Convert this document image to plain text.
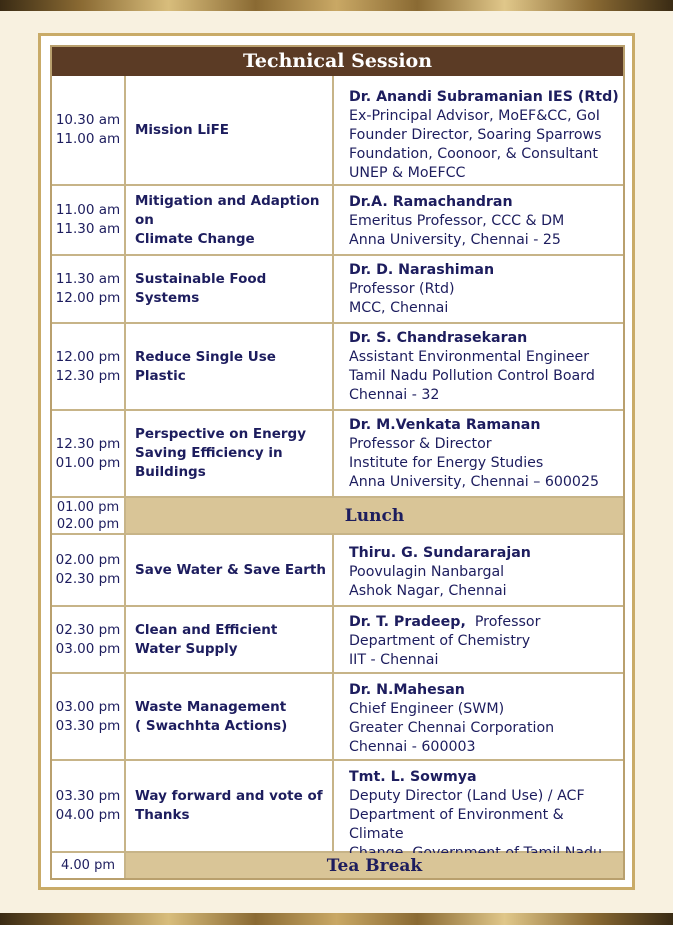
Technical Session
10.30 am
11.00 am
Mission LiFE
Dr. Anandi Subramanian IES (Rtd)
Ex-Principal Advisor, MoEF&CC, GoI
Founder Director, Soaring Sparrows
Foundation, Coonoor, & Consultant
UNEP & MoEFCC
11.00 am
11.30 am
Mitigation and Adaption on
Climate Change
Dr.A. Ramachandran
Emeritus Professor, CCC & DM
Anna University, Chennai - 25
11.30 am
12.00 pm
Sustainable Food Systems
Dr. D. Narashiman
Professor (Rtd)
MCC, Chennai
12.00 pm
12.30 pm
Reduce Single Use Plastic
Dr. S. Chandrasekaran
Assistant Environmental Engineer
Tamil Nadu Pollution Control Board
Chennai - 32
12.30 pm
01.00 pm
Perspective on Energy
Saving Efficiency in
Buildings
Dr. M.Venkata Ramanan
Professor & Director
Institute for Energy Studies
Anna University, Chennai – 600025
01.00 pm
02.00 pm	Lunch
02.00 pm
02.30 pm
Save Water & Save Earth
Thiru. G. Sundararajan
Poovulagin Nanbargal
Ashok Nagar, Chennai
02.30 pm
03.00 pm
Clean and Efficient
Water Supply
Dr. T. Pradeep, Professor
Department of Chemistry
IIT - Chennai
03.00 pm
03.30 pm
Waste Management
( Swachhta Actions)
Dr. N.Mahesan
Chief Engineer (SWM)
Greater Chennai Corporation
Chennai - 600003
03.30 pm
04.00 pm
Way forward and vote of
Thanks
Tmt. L. Sowmya
Deputy Director (Land Use) / ACF
Department of Environment & Climate
4.00 pm	Tea Break
